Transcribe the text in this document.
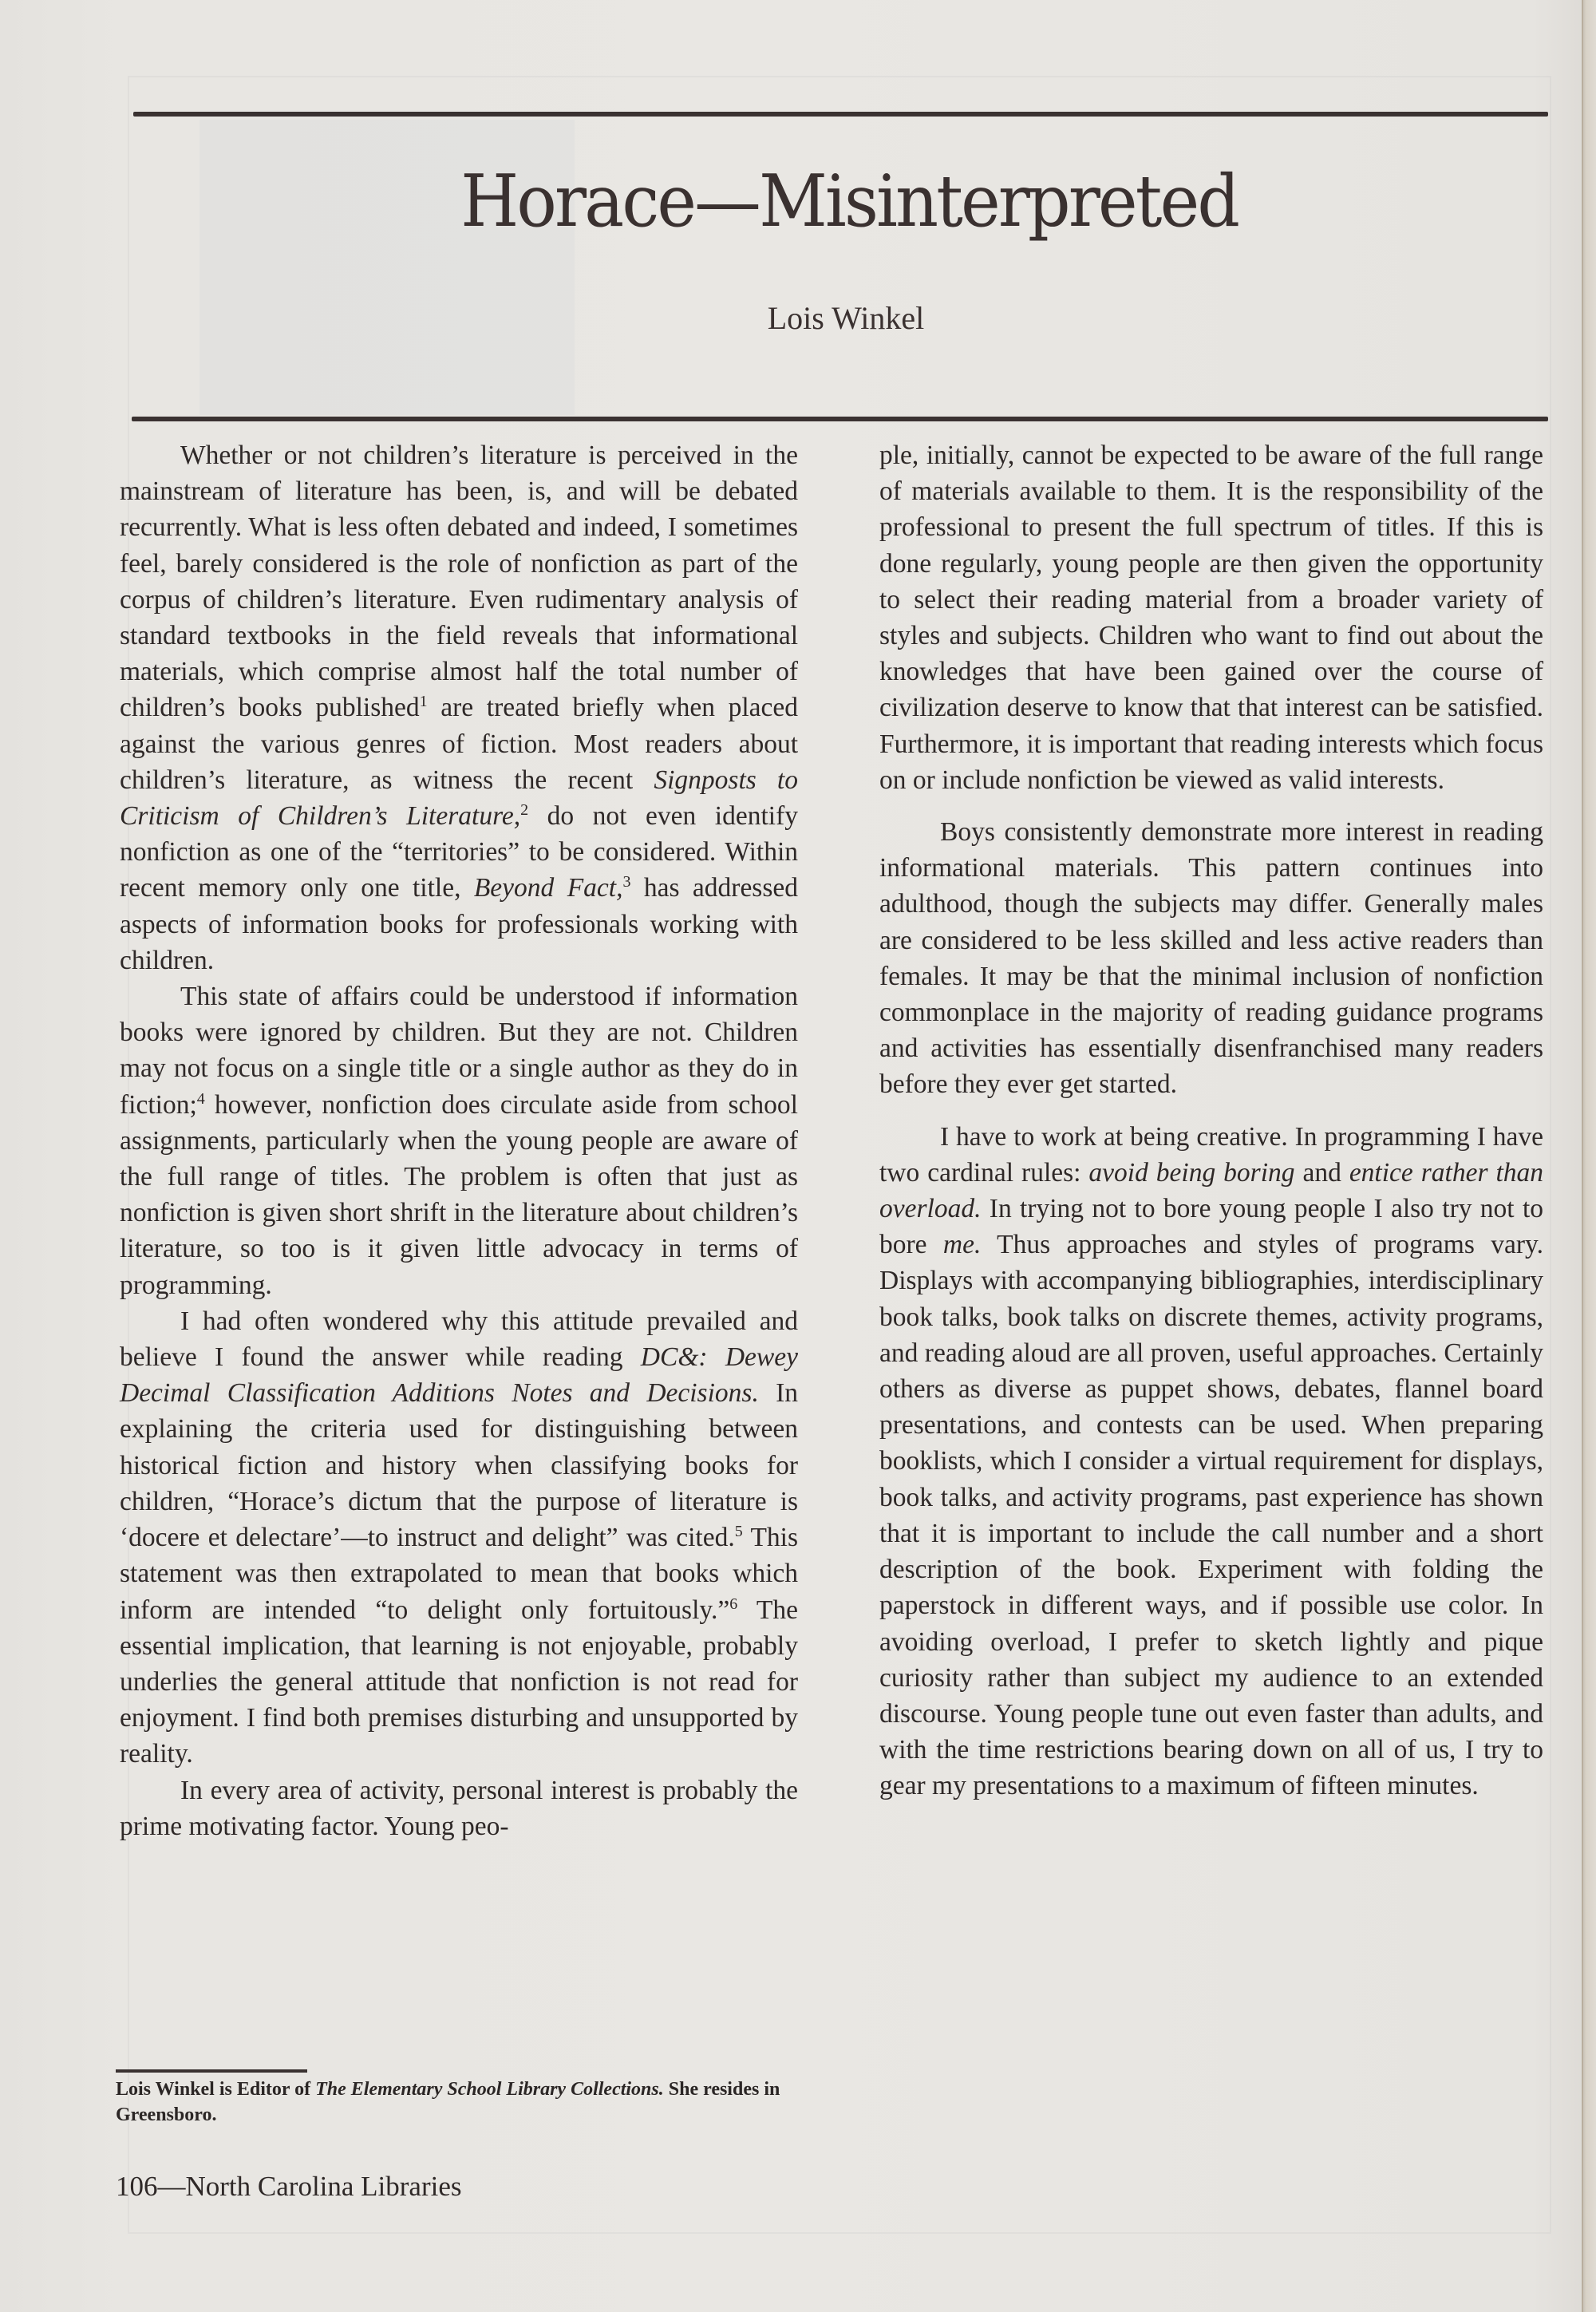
Horace—Misinterpreted
Lois Winkel

Whether or not children’s literature is perceived in the mainstream of literature has been, is, and will be debated recurrently. What is less often debated and indeed, I sometimes feel, barely considered is the role of nonfiction as part of the corpus of children’s literature. Even rudimentary analysis of standard textbooks in the field reveals that informational materials, which comprise almost half the total number of children’s books published$^1$ are treated briefly when placed against the various genres of fiction. Most readers about children’s literature, as witness the recent Signposts to Criticism of Children’s Literature,$^2$ do not even identify nonfiction as one of the “territories” to be considered. Within recent memory only one title, Beyond Fact,$^3$ has addressed aspects of information books for professionals working with children.

This state of affairs could be understood if information books were ignored by children. But they are not. Children may not focus on a single title or a single author as they do in fiction;$^4$ however, nonfiction does circulate aside from school assignments, particularly when the young people are aware of the full range of titles. The problem is often that just as nonfiction is given short shrift in the literature about children’s literature, so too is it given little advocacy in terms of programming.

I had often wondered why this attitude prevailed and believe I found the answer while reading DC&: Dewey Decimal Classification Additions Notes and Decisions. In explaining the criteria used for distinguishing between historical fiction and history when classifying books for children, “Horace’s dictum that the purpose of literature is ‘docere et delectare’—to instruct and delight” was cited.$^5$ This statement was then extrapolated to mean that books which inform are intended “to delight only fortuitously.”$^6$ The essential implication, that learning is not enjoyable, probably underlies the general attitude that nonfiction is not read for enjoyment. I find both premises disturbing and unsupported by reality.

In every area of activity, personal interest is probably the prime motivating factor. Young peo-

ple, initially, cannot be expected to be aware of the full range of materials available to them. It is the responsibility of the professional to present the full spectrum of titles. If this is done regularly, young people are then given the opportunity to select their reading material from a broader variety of styles and subjects. Children who want to find out about the knowledges that have been gained over the course of civilization deserve to know that that interest can be satisfied. Furthermore, it is important that reading interests which focus on or include nonfiction be viewed as valid interests.

Boys consistently demonstrate more interest in reading informational materials. This pattern continues into adulthood, though the subjects may differ. Generally males are considered to be less skilled and less active readers than females. It may be that the minimal inclusion of nonfiction commonplace in the majority of reading guidance programs and activities has essentially disenfranchised many readers before they ever get started.

I have to work at being creative. In programming I have two cardinal rules: avoid being boring and entice rather than overload. In trying not to bore young people I also try not to bore me. Thus approaches and styles of programs vary. Displays with accompanying bibliographies, interdisciplinary book talks, book talks on discrete themes, activity programs, and reading aloud are all proven, useful approaches. Certainly others as diverse as puppet shows, debates, flannel board presentations, and contests can be used. When preparing booklists, which I consider a virtual requirement for displays, book talks, and activity programs, past experience has shown that it is important to include the call number and a short description of the book. Experiment with folding the paperstock in different ways, and if possible use color. In avoiding overload, I prefer to sketch lightly and pique curiosity rather than subject my audience to an extended discourse. Young people tune out even faster than adults, and with the time restrictions bearing down on all of us, I try to gear my presentations to a maximum of fifteen minutes.

Lois Winkel is Editor of The Elementary School Library Collections. She resides in Greensboro.
106—North Carolina Libraries
